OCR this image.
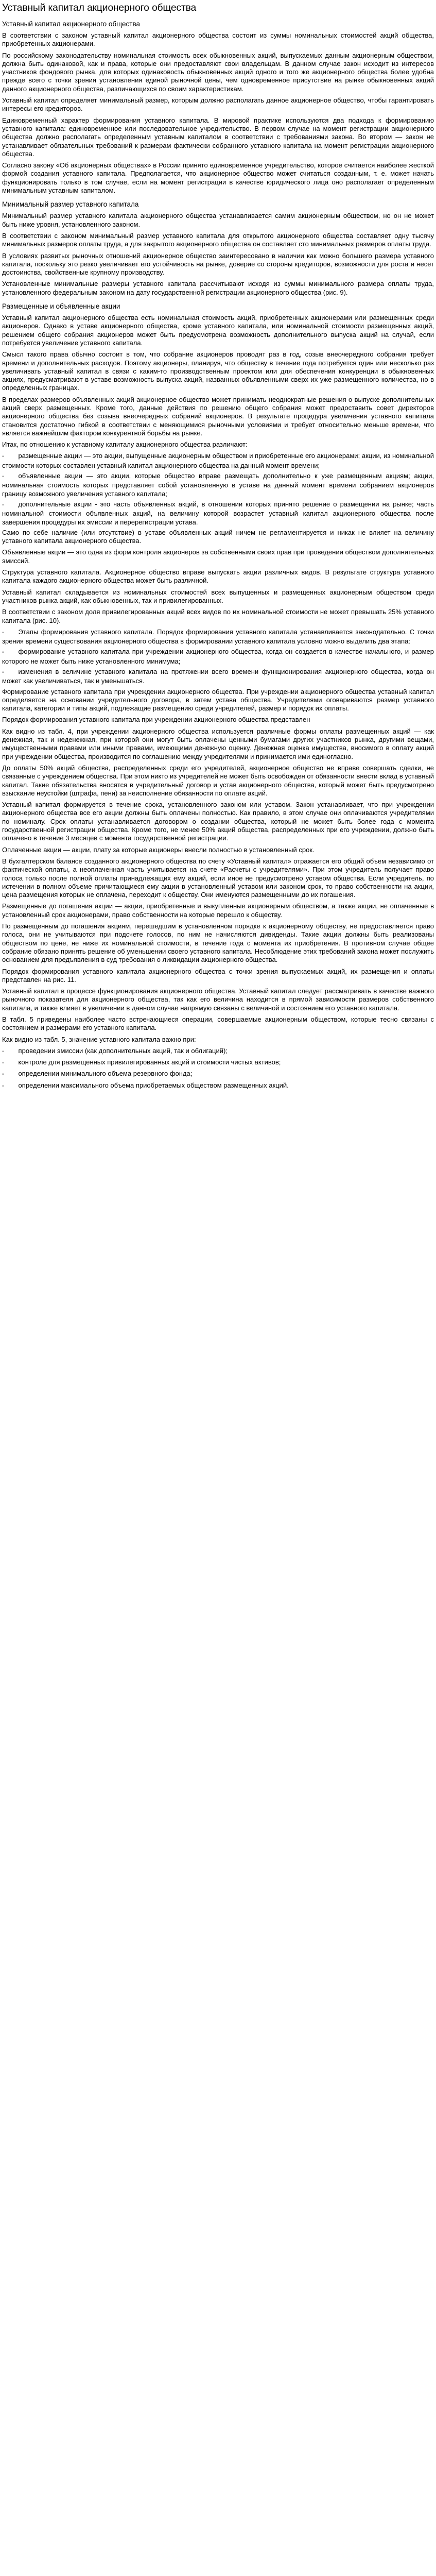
Уставный капитал акционерного общества
Уставный капитал акционерного общества

В соответствии с законом уставный капитал акционерного общества состоит из суммы номинальных стоимостей акций общества, приобретенных акционерами.

По российскому законодательству номинальная стоимость всех обыкновенных акций, выпускаемых данным акционерным обществом, должна быть одинаковой, как и права, которые они предоставляют свои владельцам. В данном случае закон исходит из интересов участников фондового рынка, для которых одинаковость обыкновенных акций одного и того же акционерного общества более удобна прежде всего с точки зрения установления единой рыночной цены, чем одновременное присутствие на рынке обыкновенных акций данного акционерного общества, различающихся по своим характеристикам.

Уставный капитал определяет минимальный размер, которым должно располагать данное акционерное общество, чтобы гарантировать интересы его кредиторов.

Единовременный характер формирования уставного капитала. В мировой практике используются два подхода к формированию уставного капитала: единовременное или последовательное учредительство. В первом случае на момент регистрации акционерного общества должно располагать определенным уставным капиталом в соответствии с требованиями закона. Во втором — закон не устанавливает обязательных требований к размерам фактически собранного уставного капитала на момент регистрации акционерного общества.

Согласно закону «Об акционерных обществах» в России принято единовременное учредительство, которое считается наиболее жесткой формой создания уставного капитала. Предполагается, что акционерное общество может считаться созданным, т. е. может начать функционировать только в том случае, если на момент регистрации в качестве юридического лица оно располагает определенным минимальным уставным капиталом.

Минимальный размер уставного капитала

Минимальный размер уставного капитала акционерного общества устанавливается самим акционерным обществом, но он не может быть ниже уровня, установленного законом.

В соответствии с законом минимальный размер уставного капитала для открытого акционерного общества составляет одну тысячу минимальных размеров оплаты труда, а для закрытого акционерного общества он составляет сто минимальных размеров оплаты труда.

В условиях развитых рыночных отношений акционерное общество заинтересовано в наличии как можно большего размера уставного капитала, поскольку это резко увеличивает его устойчивость на рынке, доверие со стороны кредиторов, возможности для роста и несет достоинства, свойственные крупному производству.

Установленные минимальные размеры уставного капитала рассчитывают исходя из суммы минимального размера оплаты труда, установленного федеральным законом на дату государственной регистрации акционерного общества (рис. 9).

Размещенные и объявленные акции

Уставный капитал акционерного общества есть номинальная стоимость акций, приобретенных акционерами или размещенных среди акционеров. Однако в уставе акционерного общества, кроме уставного капитала, или номинальной стоимости размещенных акций, решением общего собрания акционеров может быть предусмотрена возможность дополнительного выпуска акций на случай, если потребуется увеличение уставного капитала.

Смысл такого права обычно состоит в том, что собрание акционеров проводят раз в год, созыв внеочередного собрания требует времени и дополнительных расходов. Поэтому акционеры, планируя, что обществу в течение года потребуется один или несколько раз увеличивать уставный капитал в связи с каким-то производственным проектом или для обеспечения конкуренции в обыкновенных акциях, предусматривают в уставе возможность выпуска акций, названных объявленными сверх их уже размещенного количества, но в определенных границах.

В пределах размеров объявленных акций акционерное общество может принимать неоднократные решения о выпуске дополнительных акций сверх размещенных. Кроме того, данные действия по решению общего собрания может предоставить совет директоров акционерного общества без созыва внеочередных собраний акционеров. В результате процедура увеличения уставного капитала становится достаточно гибкой в соответствии с меняющимися рыночными условиями и требует относительно меньше времени, что является важнейшим фактором конкурентной борьбы на рынке.

Итак, по отношению к уставному капиталу акционерного общества различают:

▪ размещенные акции — это акции, выпущенные акционерным обществом и приобретенные его акционерами; акции, из номинальной стоимости которых составлен уставный капитал акционерного общества на данный момент времени;
▪ объявленные акции — это акции, которые общество вправе размещать дополнительно к уже размещенным акциям; акции, номинальная стоимость которых представляет собой установленную в уставе на данный момент времени собранием акционеров границу возможного увеличения уставного капитала;
▪ дополнительные акции - это часть объявленных акций, в отношении которых принято решение о размещении на рынке; часть номинальной стоимости объявленных акций, на величину которой возрастет уставный капитал акционерного общества после завершения процедуры их эмиссии и перерегистрации устава.

Само по себе наличие (или отсутствие) в уставе объявленных акций ничем не регламентируется и никак не влияет на величину уставного капитала акционерного общества.

Объявленные акции — это одна из форм контроля акционеров за собственными своих прав при проведении обществом дополнительных эмиссий.

Структура уставного капитала. Акционерное общество вправе выпускать акции различных видов. В результате структура уставного капитала каждого акционерного общества может быть различной.

Уставный капитал складывается из номинальных стоимостей всех выпущенных и размещенных акционерным обществом среди участников рынка акций, как обыкновенных, так и привилегированных.

В соответствии с законом доля привилегированных акций всех видов по их номинальной стоимости не может превышать 25% уставного капитала (рис. 10).

▪ Этапы формирования уставного капитала. Порядок формирования уставного капитала устанавливается законодательно. С точки зрения времени существования акционерного общества в формировании уставного капитала условно можно выделить два этапа:
▪ формирование уставного капитала при учреждении акционерного общества, когда он создается в качестве начального, и размер которого не может быть ниже установленного минимума;
▪ изменения в величине уставного капитала на протяжении всего времени функционирования акционерного общества, когда он может как увеличиваться, так и уменьшаться.

Формирование уставного капитала при учреждении акционерного общества. При учреждении акционерного общества уставный капитал определяется на основании учредительного договора, в затем устава общества. Учредителями оговариваются размер уставного капитала, категории и типы акций, подлежащие размещению среди учредителей, размер и порядок их оплаты.

Порядок формирования уставного капитала при учреждении акционерного общества представлен

Как видно из табл. 4, при учреждении акционерного общества используется различные формы оплаты размещенных акций — как денежная, так и неденежная, при которой они могут быть оплачены ценными бумагами других участников рынка, другими вещами, имущественными правами или иными правами, имеющими денежную оценку. Денежная оценка имущества, вносимого в оплату акций при учреждении общества, производится по соглашению между учредителями и принимается ими единогласно.

До оплаты 50% акций общества, распределенных среди его учредителей, акционерное общество не вправе совершать сделки, не связанные с учреждением общества. При этом никто из учредителей не может быть освобожден от обязанности внести вклад в уставный капитал. Такие обязательства вносятся в учредительный договор и устав акционерного общества, который может быть предусмотрено взыскание неустойки (штрафа, пени) за неисполнение обязанности по оплате акций.

Уставный капитал формируется в течение срока, установленного законом или уставом. Закон устанавливает, что при учреждении акционерного общества все его акции должны быть оплачены полностью. Как правило, в этом случае они оплачиваются учредителями по номиналу. Срок оплаты устанавливается договором о создании общества, который не может быть более года с момента государственной регистрации общества. Кроме того, не менее 50% акций общества, распределенных при его учреждении, должно быть оплачено в течение 3 месяцев с момента государственной регистрации.

Оплаченные акции — акции, плату за которые акционеры внесли полностью в установленный срок.

В бухгалтерском балансе созданного акционерного общества по счету «Уставный капитал» отражается его общий объем независимо от фактической оплаты, а неоплаченная часть учитывается на счете «Расчеты с учредителями». При этом учредитель получает право голоса только после полной оплаты принадлежащих ему акций, если иное не предусмотрено уставом общества. Если учредитель, по истечении в полном объеме причитающиеся ему акции в установленный уставом или законом срок, то право собственности на акции, цена размещения которых не оплачена, переходит к обществу. Они именуются размещенными до их погашения.

Размещенные до погашения акции — акции, приобретенные и выкупленные акционерным обществом, а также акции, не оплаченные в установленный срок акционерами, право собственности на которые перешло к обществу.

По размещенным до погашения акциям, перешедшим в установленном порядке к акционерному обществу, не предоставляется право голоса, они не учитываются при подсчете голосов, по ним не начисляются дивиденды. Такие акции должны быть реализованы обществом по цене, не ниже их номинальной стоимости, в течение года с момента их приобретения. В противном случае общее собрание обязано принять решение об уменьшении своего уставного капитала. Несоблюдение этих требований закона может послужить основанием для предъявления в суд требования о ликвидации акционерного общества.

Порядок формирования уставного капитала акционерного общества с точки зрения выпускаемых акций, их размещения и оплаты представлен на рис. 11.

Уставный капитал в процессе функционирования акционерного общества. Уставный капитал следует рассматривать в качестве важного рыночного показателя для акционерного общества, так как его величина находится в прямой зависимости размеров собственного капитала, и также влияет в увеличении в данном случае напрямую связаны с величиной и состоянием его уставного капитала.

В табл. 5 приведены наиболее часто встречающиеся операции, совершаемые акционерным обществом, которые тесно связаны с состоянием и размерами его уставного капитала.

Как видно из табл. 5, значение уставного капитала важно при:

▪ проведении эмиссии (как дополнительных акций, так и облигаций);
▪ контроле для размещенных привилегированных акций и стоимости чистых активов;
▪ определении минимального объема резервного фонда;
▪ определении максимального объема приобретаемых обществом размещенных акций.
